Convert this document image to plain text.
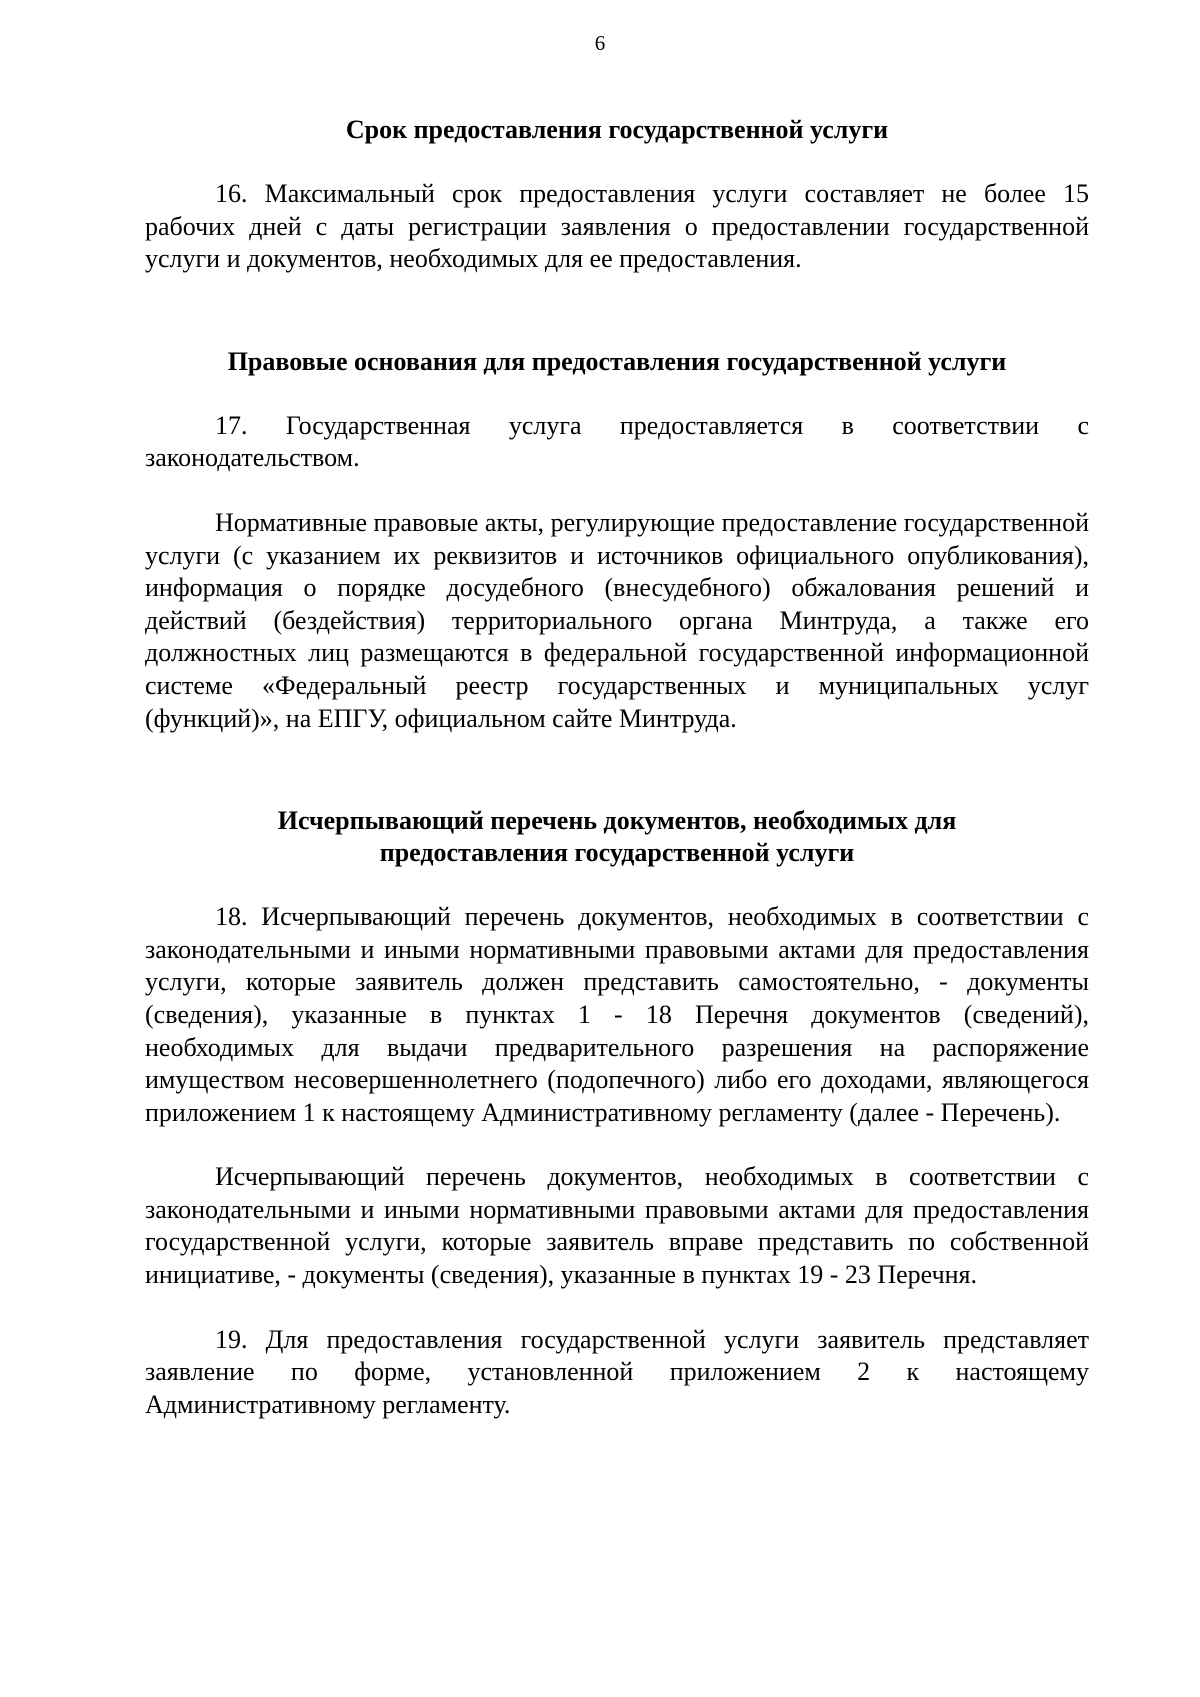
6
Срок предоставления государственной услуги

16. Максимальный срок предоставления услуги составляет не более 15 рабочих дней с даты регистрации заявления о предоставлении государственной услуги и документов, необходимых для ее предоставления.

Правовые основания для предоставления государственной услуги

17. Государственная услуга предоставляется в соответствии с законодательством.

Нормативные правовые акты, регулирующие предоставление государственной услуги (с указанием их реквизитов и источников официального опубликования), информация о порядке досудебного (внесудебного) обжалования решений и действий (бездействия) территориального органа Минтруда, а также его должностных лиц размещаются в федеральной государственной информационной системе «Федеральный реестр государственных и муниципальных услуг (функций)», на ЕПГУ, официальном сайте Минтруда.

Исчерпывающий перечень документов, необходимых для
предоставления государственной услуги

18. Исчерпывающий перечень документов, необходимых в соответствии с законодательными и иными нормативными правовыми актами для предоставления услуги, которые заявитель должен представить самостоятельно, - документы (сведения), указанные в пунктах 1 - 18 Перечня документов (сведений), необходимых для выдачи предварительного разрешения на распоряжение имуществом несовершеннолетнего (подопечного) либо его доходами, являющегося приложением 1 к настоящему Административному регламенту (далее - Перечень).

Исчерпывающий перечень документов, необходимых в соответствии с законодательными и иными нормативными правовыми актами для предоставления государственной услуги, которые заявитель вправе представить по собственной инициативе, - документы (сведения), указанные в пунктах 19 - 23 Перечня.

19. Для предоставления государственной услуги заявитель представляет заявление по форме, установленной приложением 2 к настоящему Административному регламенту.
